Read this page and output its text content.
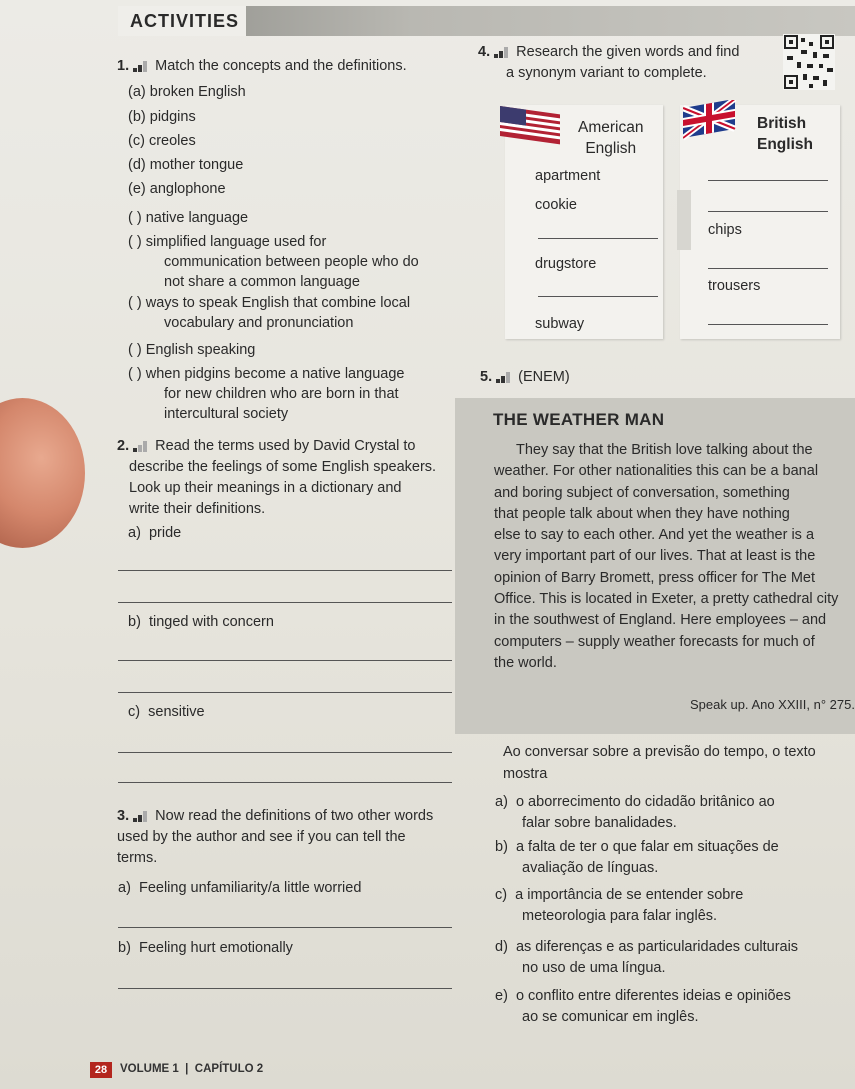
ACTIVITIES
1. Match the concepts and the definitions.
(a) broken English
(b) pidgins
(c) creoles
(d) mother tongue
(e) anglophone
( ) native language
( ) simplified language used for
communication between people who do
not share a common language
( ) ways to speak English that combine local
vocabulary and pronunciation
( ) English speaking
( ) when pidgins become a native language
for new children who are born in that
intercultural society
2. Read the terms used by David Crystal to
describe the feelings of some English speakers.
Look up their meanings in a dictionary and
write their definitions.
a) pride
b) tinged with concern
c) sensitive
3. Now read the definitions of two other words
used by the author and see if you can tell the
terms.
a) Feeling unfamiliarity/a little worried
b) Feeling hurt emotionally
4. Research the given words and find
a synonym variant to complete.
American
English
apartment
cookie
drugstore
subway
British
English
chips
trousers
5. (ENEM)
THE WEATHER MAN
They say that the British love talking about the
weather. For other nationalities this can be a banal
and boring subject of conversation, something
that people talk about when they have nothing
else to say to each other. And yet the weather is a
very important part of our lives. That at least is the
opinion of Barry Bromett, press officer for The Met
Office. This is located in Exeter, a pretty cathedral city
in the southwest of England. Here employees – and
computers – supply weather forecasts for much of
the world.
Speak up. Ano XXIII, n° 275.
Ao conversar sobre a previsão do tempo, o texto
mostra
a) o aborrecimento do cidadão britânico ao
falar sobre banalidades.
b) a falta de ter o que falar em situações de
avaliação de línguas.
c) a importância de se entender sobre
meteorologia para falar inglês.
d) as diferenças e as particularidades culturais
no uso de uma língua.
e) o conflito entre diferentes ideias e opiniões
ao se comunicar em inglês.
28	VOLUME 1  |  CAPÍTULO 2
